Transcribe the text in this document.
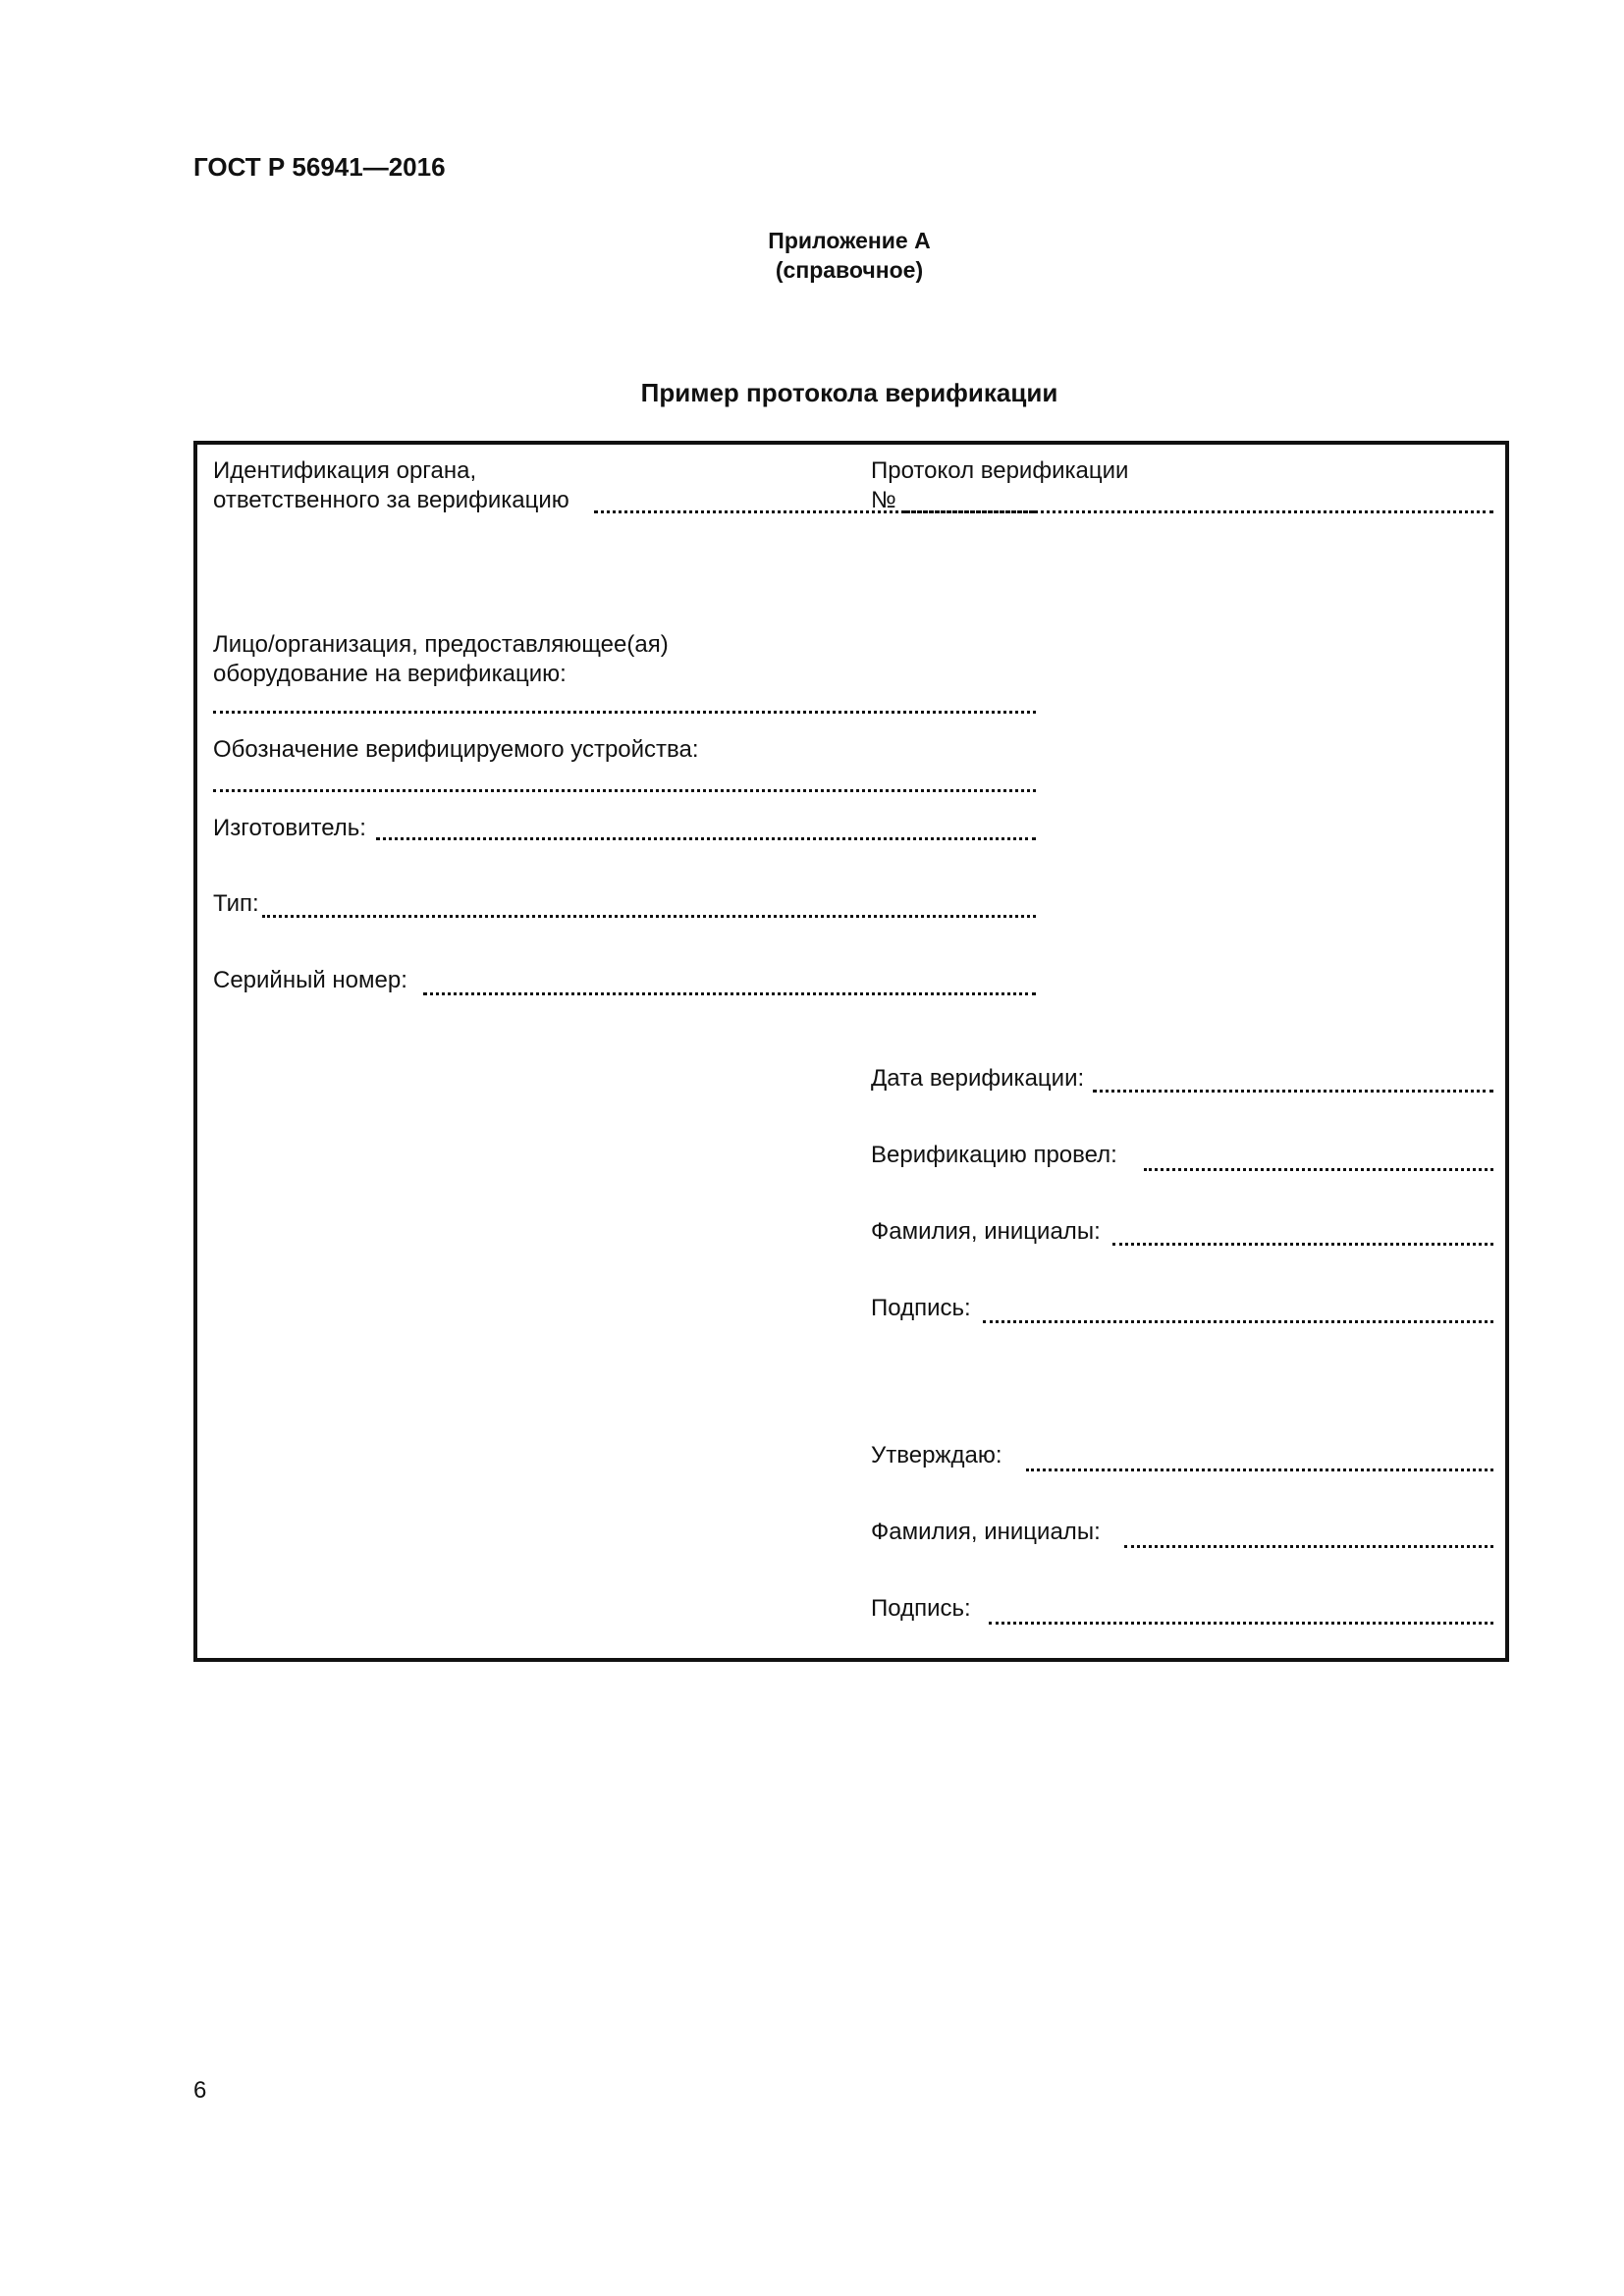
ГОСТ Р 56941—2016
Приложение А
(справочное)
Пример протокола верификации
Идентификация органа,
ответственного за верификацию
Лицо/организация, предоставляющее(ая)
оборудование на верификацию:
Обозначение верифицируемого устройства:
Изготовитель:
Тип:
Серийный номер:
Протокол верификации
№
Дата верификации:
Верификацию провел:
Фамилия, инициалы:
Подпись:
Утверждаю:
Фамилия, инициалы:
Подпись:
6
